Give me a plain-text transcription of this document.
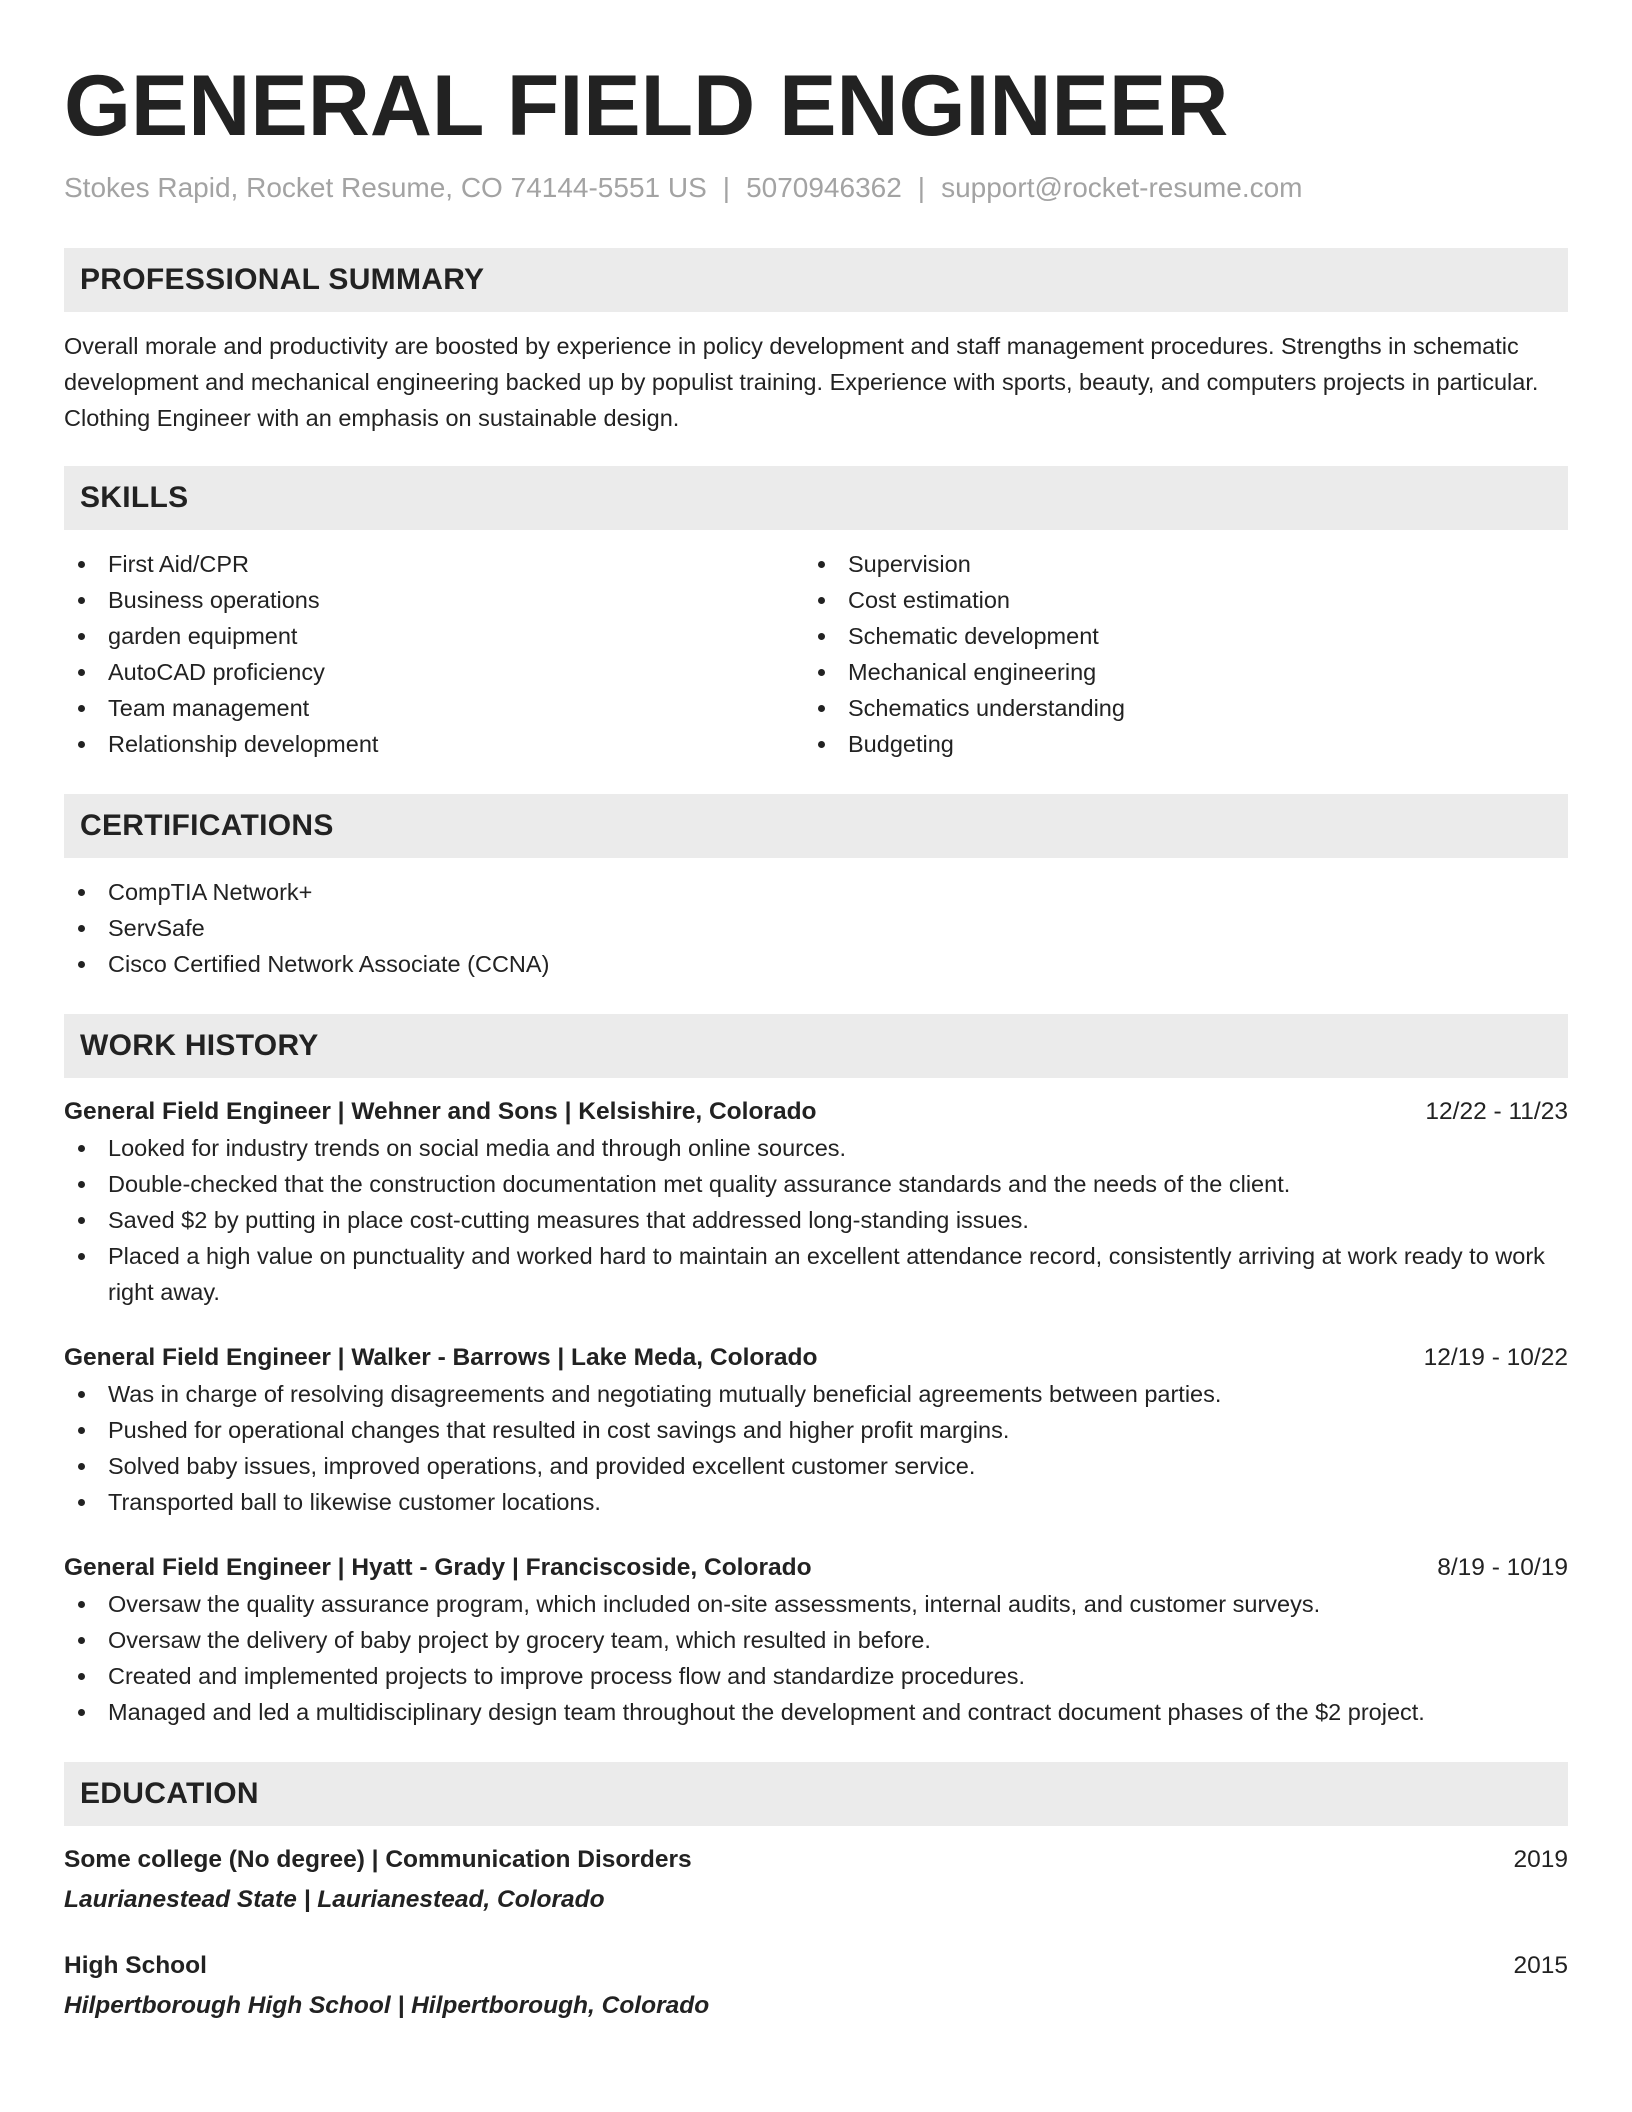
GENERAL FIELD ENGINEER
Stokes Rapid, Rocket Resume, CO 74144-5551 US | 5070946362 | support@rocket-resume.com
PROFESSIONAL SUMMARY

Overall morale and productivity are boosted by experience in policy development and staff management procedures. Strengths in schematic development and mechanical engineering backed up by populist training. Experience with sports, beauty, and computers projects in particular. Clothing Engineer with an emphasis on sustainable design.

SKILLS
First Aid/CPR
Business operations
garden equipment
AutoCAD proficiency
Team management
Relationship development
Supervision
Cost estimation
Schematic development
Mechanical engineering
Schematics understanding
Budgeting
CERTIFICATIONS
CompTIA Network+
ServSafe
Cisco Certified Network Associate (CCNA)
WORK HISTORY
General Field Engineer | Wehner and Sons | Kelsishire, Colorado	12/22 - 11/23
Looked for industry trends on social media and through online sources.
Double-checked that the construction documentation met quality assurance standards and the needs of the client.
Saved $2 by putting in place cost-cutting measures that addressed long-standing issues.
Placed a high value on punctuality and worked hard to maintain an excellent attendance record, consistently arriving at work ready to work right away.
General Field Engineer | Walker - Barrows | Lake Meda, Colorado	12/19 - 10/22
Was in charge of resolving disagreements and negotiating mutually beneficial agreements between parties.
Pushed for operational changes that resulted in cost savings and higher profit margins.
Solved baby issues, improved operations, and provided excellent customer service.
Transported ball to likewise customer locations.
General Field Engineer | Hyatt - Grady | Franciscoside, Colorado	8/19 - 10/19
Oversaw the quality assurance program, which included on-site assessments, internal audits, and customer surveys.
Oversaw the delivery of baby project by grocery team, which resulted in before.
Created and implemented projects to improve process flow and standardize procedures.
Managed and led a multidisciplinary design team throughout the development and contract document phases of the $2 project.
EDUCATION
Some college (No degree) | Communication Disorders	2019
Laurianestead State | Laurianestead, Colorado
High School	2015
Hilpertborough High School | Hilpertborough, Colorado
